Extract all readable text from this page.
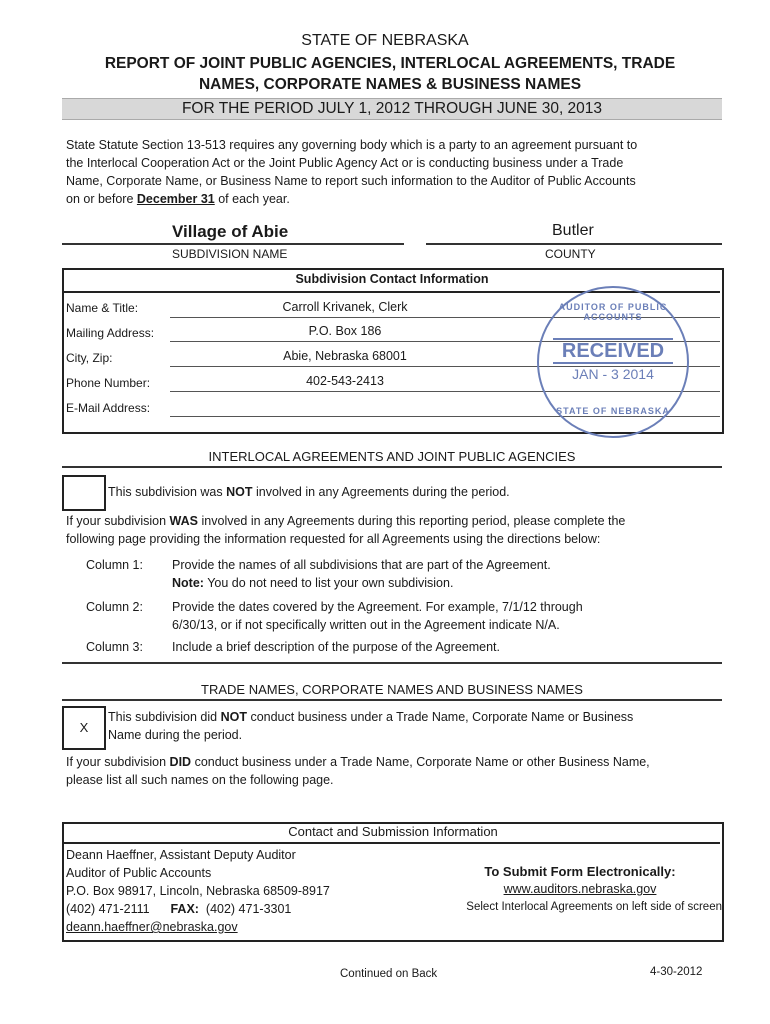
STATE OF NEBRASKA
REPORT OF JOINT PUBLIC AGENCIES, INTERLOCAL AGREEMENTS, TRADE
NAMES, CORPORATE NAMES & BUSINESS NAMES
FOR THE PERIOD JULY 1, 2012 THROUGH JUNE 30, 2013
State Statute Section 13-513 requires any governing body which is a party to an agreement pursuant to
the Interlocal Cooperation Act or the Joint Public Agency Act or is conducting business under a Trade
Name, Corporate Name, or Business Name to report such information to the Auditor of Public Accounts
on or before December 31 of each year.
Village of Abie
SUBDIVISION NAME
Butler
COUNTY
Subdivision Contact Information
Name & Title:	Carroll Krivanek, Clerk
Mailing Address:	P.O. Box 186
City, Zip:	Abie, Nebraska 68001
Phone Number:	402-543-2413
E-Mail Address:
AUDITOR OF PUBLIC ACCOUNTS
RECEIVED
JAN - 3 2014
STATE OF NEBRASKA
INTERLOCAL AGREEMENTS AND JOINT PUBLIC AGENCIES
This subdivision was NOT involved in any Agreements during the period.
If your subdivision WAS involved in any Agreements during this reporting period, please complete the
following page providing the information requested for all Agreements using the directions below:
Column 1: Provide the names of all subdivisions that are part of the Agreement.
Note: You do not need to list your own subdivision.
Column 2: Provide the dates covered by the Agreement. For example, 7/1/12 through
6/30/13, or if not specifically written out in the Agreement indicate N/A.
Column 3: Include a brief description of the purpose of the Agreement.
TRADE NAMES, CORPORATE NAMES AND BUSINESS NAMES
X
This subdivision did NOT conduct business under a Trade Name, Corporate Name or Business
Name during the period.
If your subdivision DID conduct business under a Trade Name, Corporate Name or other Business Name,
please list all such names on the following page.
Contact and Submission Information
Deann Haeffner, Assistant Deputy Auditor
Auditor of Public Accounts
P.O. Box 98917, Lincoln, Nebraska 68509-8917
(402) 471-2111 FAX: (402) 471-3301
deann.haeffner@nebraska.gov
To Submit Form Electronically:
www.auditors.nebraska.gov
Select Interlocal Agreements on left side of screen
Continued on Back	4-30-2012
